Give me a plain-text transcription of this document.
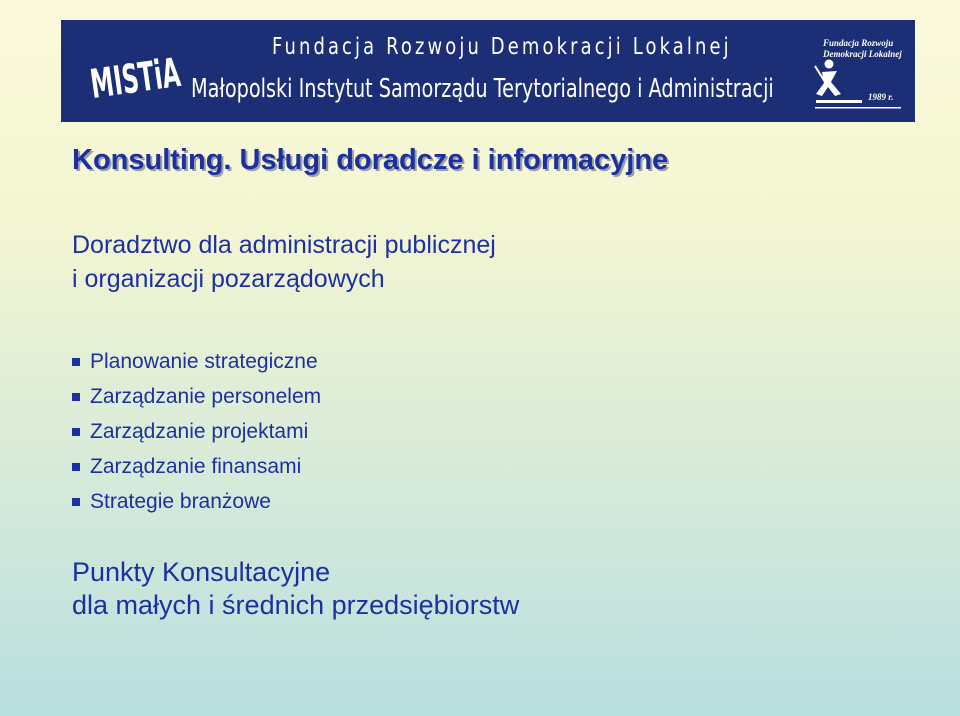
MISTiA Fundacja Rozwoju Demokracji Lokalnej
Małopolski Instytut Samorządu Terytorialnego i Administracji
Fundacja Rozwoju
Demokracji Lokalnej
1989 r.
Konsulting. Usługi doradcze i informacyjne
Doradztwo dla administracji publicznej
i organizacji pozarządowych
Planowanie strategiczne
Zarządzanie personelem
Zarządzanie projektami
Zarządzanie finansami
Strategie branżowe
Punkty Konsultacyjne
dla małych i średnich przedsiębiorstw
